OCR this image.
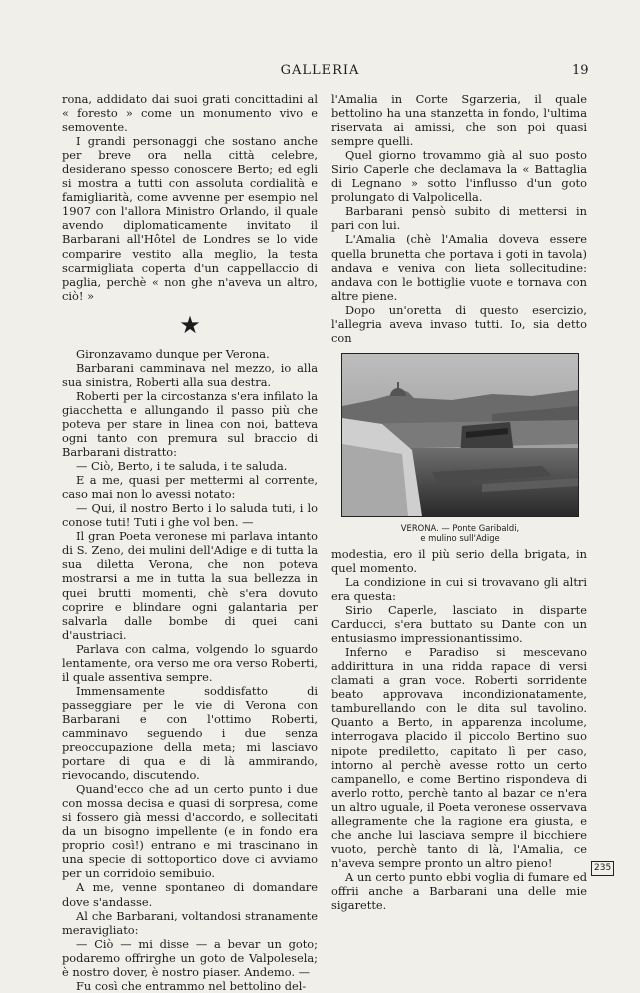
GALLERIA	19

rona, addidato dai suoi grati concittadini al « foresto » come un monumento vivo e semovente.

I grandi personaggi che sostano anche per breve ora nella città celebre, desiderano spesso conoscere Berto; ed egli si mostra a tutti con assoluta cordialità e famigliarità, come avvenne per esempio nel 1907 con l'allora Ministro Orlando, il quale avendo diplomaticamente invitato il Barbarani all'Hôtel de Londres se lo vide comparire vestito alla meglio, la testa scarmigliata coperta d'un cappellaccio di paglia, perchè « non ghe n'aveva un altro, ciò! »

★

Gironzavamo dunque per Verona.

Barbarani camminava nel mezzo, io alla sua sinistra, Roberti alla sua destra.

Roberti per la circostanza s'era infilato la giacchetta e allungando il passo più che poteva per stare in linea con noi, batteva ogni tanto con premura sul braccio di Barbarani distratto:

— Ciò, Berto, i te saluda, i te saluda.

E a me, quasi per mettermi al corrente, caso mai non lo avessi notato:

— Qui, il nostro Berto i lo saluda tuti, i lo conose tuti! Tuti i ghe vol ben. —

Il gran Poeta veronese mi parlava intanto di S. Zeno, dei mulini dell'Adige e di tutta la sua diletta Verona, che non poteva mostrarsi a me in tutta la sua bellezza in quei brutti momenti, chè s'era dovuto coprire e blindare ogni galantaria per salvarla dalle bombe di quei cani d'austriaci.

Parlava con calma, volgendo lo sguardo lentamente, ora verso me ora verso Roberti, il quale assentiva sempre.

Immensamente soddisfatto di passeggiare per le vie di Verona con Barbarani e con l'ottimo Roberti, camminavo seguendo i due senza preoccupazione della meta; mi lasciavo portare di qua e di là ammirando, rievocando, discutendo.

Quand'ecco che ad un certo punto i due con mossa decisa e quasi di sorpresa, come si fossero già messi d'accordo, e sollecitati da un bisogno impellente (e in fondo era proprio così!) entrano e mi trascinano in una specie di sottoportico dove ci avviamo per un corridoio semibuio.

A me, venne spontaneo di domandare dove s'andasse.

Al che Barbarani, voltandosi stranamente meravigliato:

— Ciò — mi disse — a bevar un goto; podaremo offrirghe un goto de Valpolesela; è nostro dover, è nostro piaser. Andemo. —

Fu così che entrammo nel bettolino del-

l'Amalia in Corte Sgarzeria, il quale bettolino ha una stanzetta in fondo, l'ultima riservata ai amissi, che son poi quasi sempre quelli.

Quel giorno trovammo già al suo posto Sirio Caperle che declamava la « Battaglia di Legnano » sotto l'influsso d'un goto prolungato di Valpolicella.

Barbarani pensò subito di mettersi in pari con lui.

L'Amalia (chè l'Amalia doveva essere quella brunetta che portava i goti in tavola) andava e veniva con lieta sollecitudine: andava con le bottiglie vuote e tornava con altre piene.

Dopo un'oretta di questo esercizio, l'allegria aveva invaso tutti. Io, sia detto con

VERONA. — Ponte Garibaldi,
e mulino sull'Adige

modestia, ero il più serio della brigata, in quel momento.

La condizione in cui si trovavano gli altri era questa:

Sirio Caperle, lasciato in disparte Carducci, s'era buttato su Dante con un entusiasmo impressionantissimo.

Inferno e Paradiso si mescevano addirittura in una ridda rapace di versi clamati a gran voce. Roberti sorridente beato approvava incondizionatamente, tamburellando con le dita sul tavolino. Quanto a Berto, in apparenza incolume, interrogava placido il piccolo Bertino suo nipote prediletto, capitato lì per caso, intorno al perchè avesse rotto un certo campanello, e come Bertino rispondeva di averlo rotto, perchè tanto al bazar ce n'era un altro uguale, il Poeta veronese osservava allegramente che la ragione era giusta, e che anche lui lasciava sempre il bicchiere vuoto, perchè tanto di là, l'Amalia, ce n'aveva sempre pronto un altro pieno!

A un certo punto ebbi voglia di fumare ed offrii anche a Barbarani una delle mie sigarette.

235
